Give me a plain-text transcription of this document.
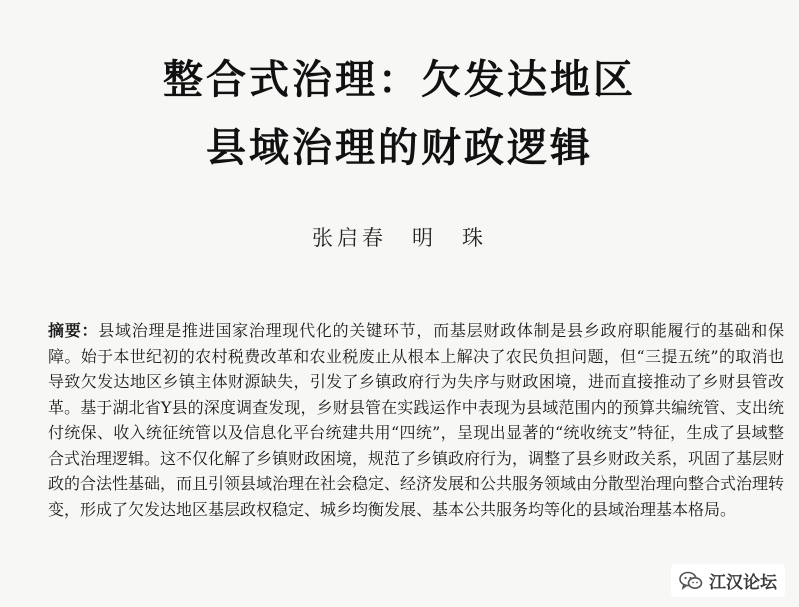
整合式治理：欠发达地区
县域治理的财政逻辑
张启春　明　珠
摘要：县域治理是推进国家治理现代化的关键环节，而基层财政体制是县乡政府职能履行的基础和保障。始于本世纪初的农村税费改革和农业税废止从根本上解决了农民负担问题，但“三提五统”的取消也导致欠发达地区乡镇主体财源缺失，引发了乡镇政府行为失序与财政困境，进而直接推动了乡财县管改革。基于湖北省Y县的深度调查发现，乡财县管在实践运作中表现为县域范围内的预算共编统管、支出统付统保、收入统征统管以及信息化平台统建共用“四统”，呈现出显著的“统收统支”特征，生成了县域整合式治理逻辑。这不仅化解了乡镇财政困境，规范了乡镇政府行为，调整了县乡财政关系，巩固了基层财政的合法性基础，而且引领县域治理在社会稳定、经济发展和公共服务领域由分散型治理向整合式治理转变，形成了欠发达地区基层政权稳定、城乡均衡发展、基本公共服务均等化的县域治理基本格局。
江汉论坛
